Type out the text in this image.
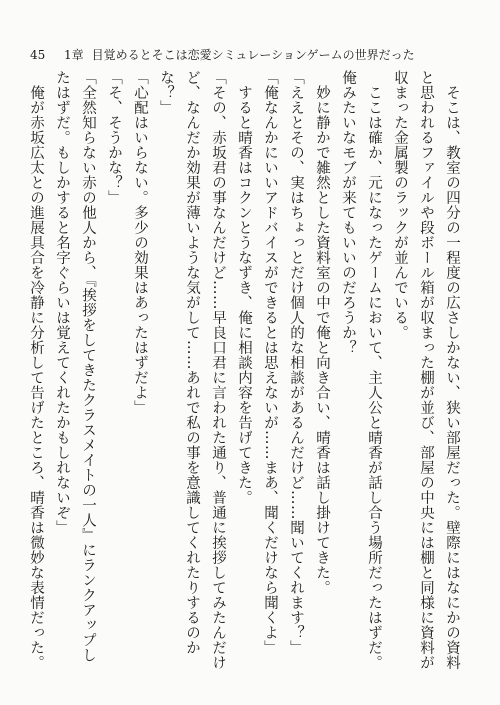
45 1章 目覚めるとそこは恋愛シミュレーションゲームの世界だった

そこは、教室の四分の一程度の広さしかない、狭い部屋だった。壁際にはなにかの資料と思われるファイルや段ボール箱が収まった棚が並び、部屋の中央には棚と同様に資料が収まった金属製のラックが並んでいる。

ここは確か、元になったゲームにおいて、主人公と晴香が話し合う場所だったはずだ。俺みたいなモブが来てもいいのだろうか？

妙に静かで雑然とした資料室の中で俺と向き合い、晴香は話し掛けてきた。

「ええとその、実はちょっとだけ個人的な相談があるんだけど……聞いてくれます？」

「俺なんかにいいアドバイスができるとは思えないが……まあ、聞くだけなら聞くよ」

すると晴香はコクンとうなずき、俺に相談内容を告げてきた。

「その、赤坂君の事なんだけど……早良口君に言われた通り、普通に挨拶してみたんだけど、なんだか効果が薄いような気がして……あれで私の事を意識してくれたりするのかな？」

「心配はいらない。多少の効果はあったはずだよ」

「そ、そうかな？」

「全然知らない赤の他人から、『挨拶をしてきたクラスメイトの一人』にランクアップしたはずだ。もしかすると名字ぐらいは覚えてくれたかもしれないぞ」

俺が赤坂広太との進展具合を冷静に分析して告げたところ、晴香は微妙な表情だった。
